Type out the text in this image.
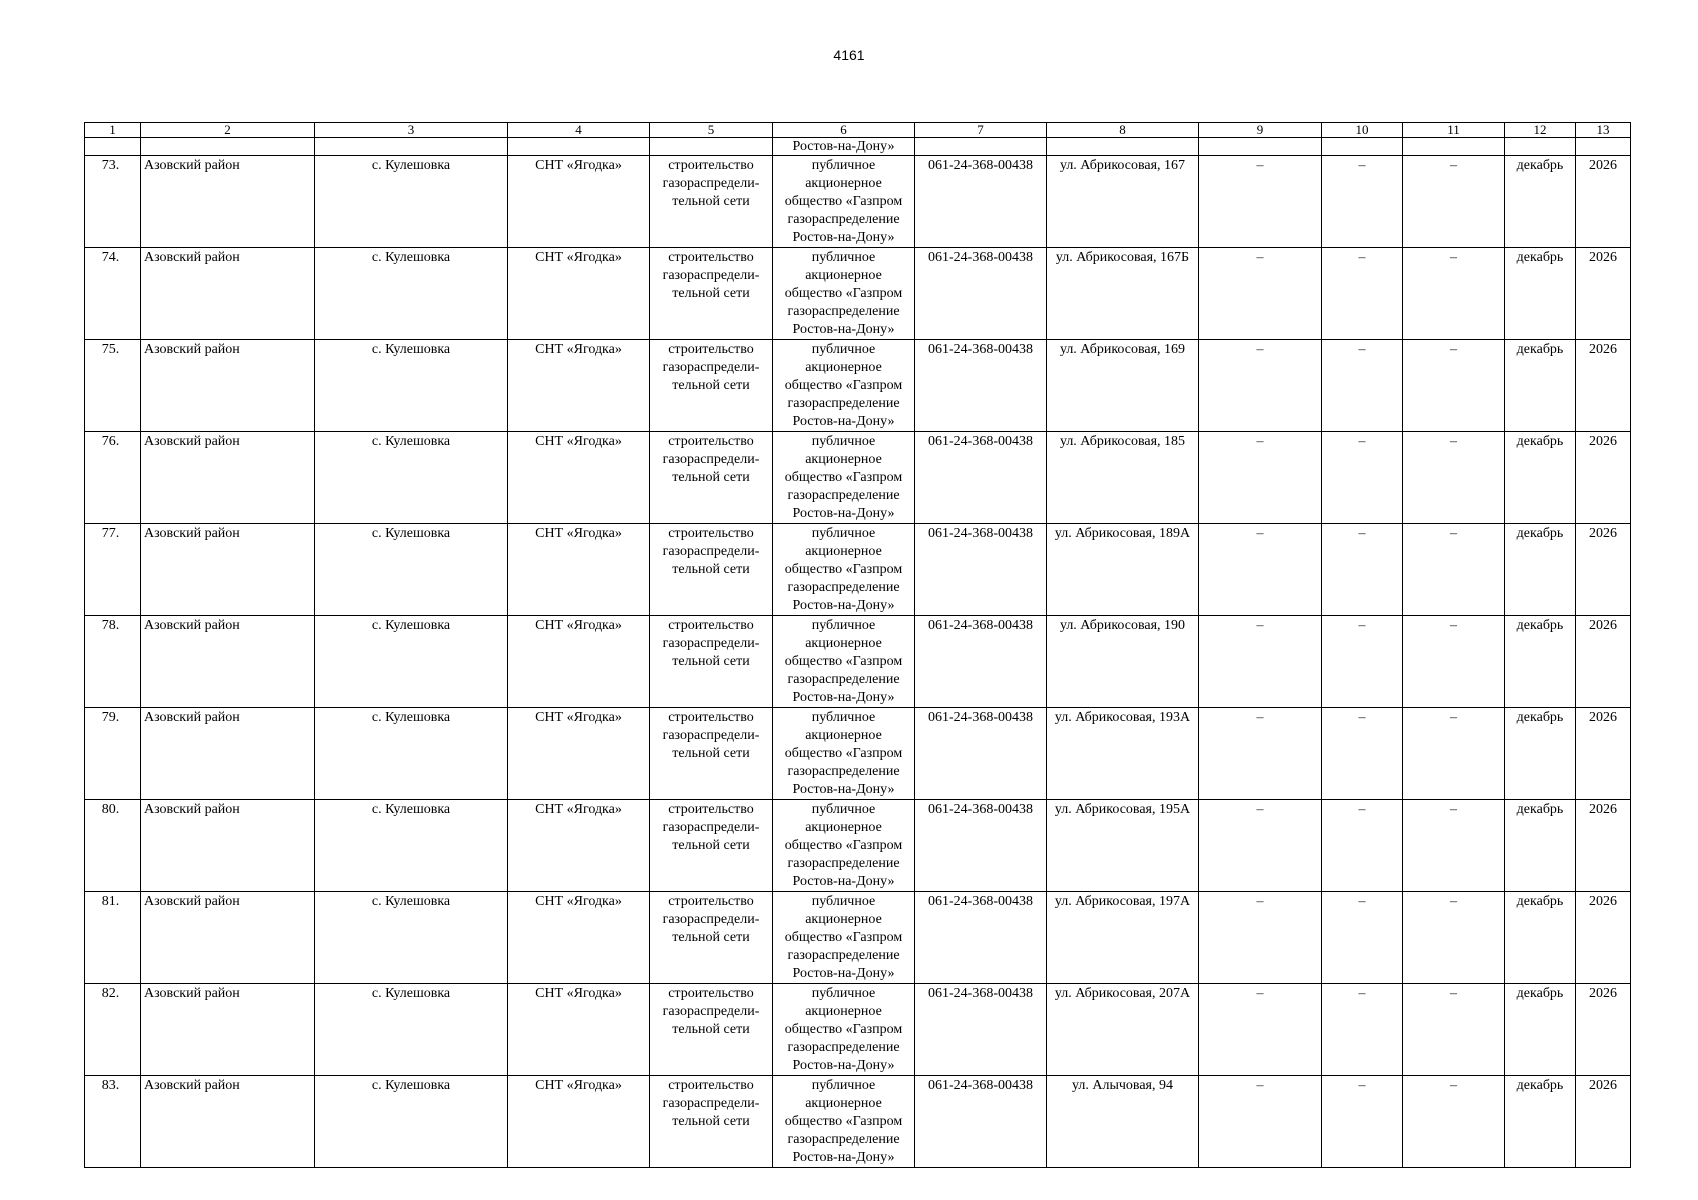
4161
1	2	3	4	5	6	7	8	9	10	11	12	13
					Ростов-на-Дону»							
73.	Азовский район	с. Кулешовка	СНТ «Ягодка»	строительство газораспредели-тельной сети	публичное акционерное общество «Газпром газораспределение Ростов-на-Дону»	061-24-368-00438	ул. Абрикосовая, 167	–	–	–	декабрь	2026
74.	Азовский район	с. Кулешовка	СНТ «Ягодка»	строительство газораспредели-тельной сети	публичное акционерное общество «Газпром газораспределение Ростов-на-Дону»	061-24-368-00438	ул. Абрикосовая, 167Б	–	–	–	декабрь	2026
75.	Азовский район	с. Кулешовка	СНТ «Ягодка»	строительство газораспредели-тельной сети	публичное акционерное общество «Газпром газораспределение Ростов-на-Дону»	061-24-368-00438	ул. Абрикосовая, 169	–	–	–	декабрь	2026
76.	Азовский район	с. Кулешовка	СНТ «Ягодка»	строительство газораспредели-тельной сети	публичное акционерное общество «Газпром газораспределение Ростов-на-Дону»	061-24-368-00438	ул. Абрикосовая, 185	–	–	–	декабрь	2026
77.	Азовский район	с. Кулешовка	СНТ «Ягодка»	строительство газораспредели-тельной сети	публичное акционерное общество «Газпром газораспределение Ростов-на-Дону»	061-24-368-00438	ул. Абрикосовая, 189А	–	–	–	декабрь	2026
78.	Азовский район	с. Кулешовка	СНТ «Ягодка»	строительство газораспредели-тельной сети	публичное акционерное общество «Газпром газораспределение Ростов-на-Дону»	061-24-368-00438	ул. Абрикосовая, 190	–	–	–	декабрь	2026
79.	Азовский район	с. Кулешовка	СНТ «Ягодка»	строительство газораспредели-тельной сети	публичное акционерное общество «Газпром газораспределение Ростов-на-Дону»	061-24-368-00438	ул. Абрикосовая, 193А	–	–	–	декабрь	2026
80.	Азовский район	с. Кулешовка	СНТ «Ягодка»	строительство газораспредели-тельной сети	публичное акционерное общество «Газпром газораспределение Ростов-на-Дону»	061-24-368-00438	ул. Абрикосовая, 195А	–	–	–	декабрь	2026
81.	Азовский район	с. Кулешовка	СНТ «Ягодка»	строительство газораспредели-тельной сети	публичное акционерное общество «Газпром газораспределение Ростов-на-Дону»	061-24-368-00438	ул. Абрикосовая, 197А	–	–	–	декабрь	2026
82.	Азовский район	с. Кулешовка	СНТ «Ягодка»	строительство газораспредели-тельной сети	публичное акционерное общество «Газпром газораспределение Ростов-на-Дону»	061-24-368-00438	ул. Абрикосовая, 207А	–	–	–	декабрь	2026
83.	Азовский район	с. Кулешовка	СНТ «Ягодка»	строительство газораспредели-тельной сети	публичное акционерное общество «Газпром газораспределение Ростов-на-Дону»	061-24-368-00438	ул. Алычовая, 94	–	–	–	декабрь	2026
